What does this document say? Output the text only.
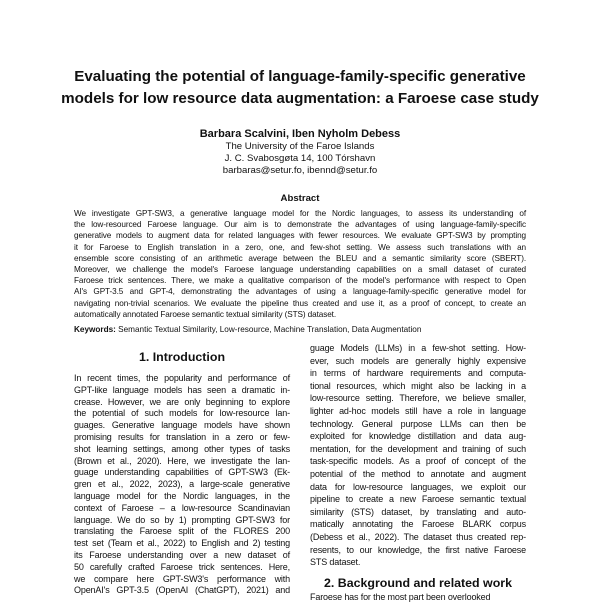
Evaluating the potential of language-family-specific generative
models for low resource data augmentation: a Faroese case study
Barbara Scalvini, Iben Nyholm Debess
The University of the Faroe Islands
J. C. Svabosgøta 14, 100 Tórshavn
barbaras@setur.fo, ibennd@setur.fo
Abstract
We investigate GPT-SW3, a generative language model for the Nordic languages, to assess its understanding of
the low-resourced Faroese language. Our aim is to demonstrate the advantages of using language-family-specific
generative models to augment data for related languages with fewer resources. We evaluate GPT-SW3 by prompting
it for Faroese to English translation in a zero, one, and few-shot setting. We assess such translations with an
ensemble score consisting of an arithmetic average between the BLEU and a semantic similarity score (SBERT).
Moreover, we challenge the model's Faroese language understanding capabilities on a small dataset of curated
Faroese trick sentences. There, we make a qualitative comparison of the model's performance with respect to Open
AI's GPT-3.5 and GPT-4, demonstrating the advantages of using a language-family-specific generative model for
navigating non-trivial scenarios. We evaluate the pipeline thus created and use it, as a proof of concept, to create an
automatically annotated Faroese semantic textual similarity (STS) dataset.
Keywords: Semantic Textual Similarity, Low-resource, Machine Translation, Data Augmentation
1. Introduction
In recent times, the popularity and performance of
GPT-like language models has seen a dramatic in-
crease. However, we are only beginning to explore
the potential of such models for low-resource lan-
guages. Generative language models have shown
promising results for translation in a zero or few-
shot learning settings, among other types of tasks
(Brown et al., 2020). Here, we investigate the lan-
guage understanding capabilities of GPT-SW3 (Ek-
gren et al., 2022, 2023), a large-scale generative
language model for the Nordic languages, in the
context of Faroese – a low-resource Scandinavian
language. We do so by 1) prompting GPT-SW3 for
translating the Faroese split of the FLORES 200
test set (Team et al., 2022) to English and 2) testing
its Faroese understanding over a new dataset of
50 carefully crafted Faroese trick sentences. Here,
we compare here GPT-SW3's performance with
OpenAI's GPT-3.5 (OpenAI (ChatGPT), 2021) and
guage Models (LLMs) in a few-shot setting. How-
ever, such models are generally highly expensive
in terms of hardware requirements and computa-
tional resources, which might also be lacking in a
low-resource setting. Therefore, we believe smaller,
lighter ad-hoc models still have a role in language
technology. General purpose LLMs can then be
exploited for knowledge distillation and data aug-
mentation, for the development and training of such
task-specific models. As a proof of concept of the
potential of the method to annotate and augment
data for low-resource languages, we exploit our
pipeline to create a new Faroese semantic textual
similarity (STS) dataset, by translating and auto-
matically annotating the Faroese BLARK corpus
(Debess et al., 2022). The dataset thus created rep-
resents, to our knowledge, the first native Faroese
STS dataset.
2. Background and related work
Faroese has for the most part been overlooked
